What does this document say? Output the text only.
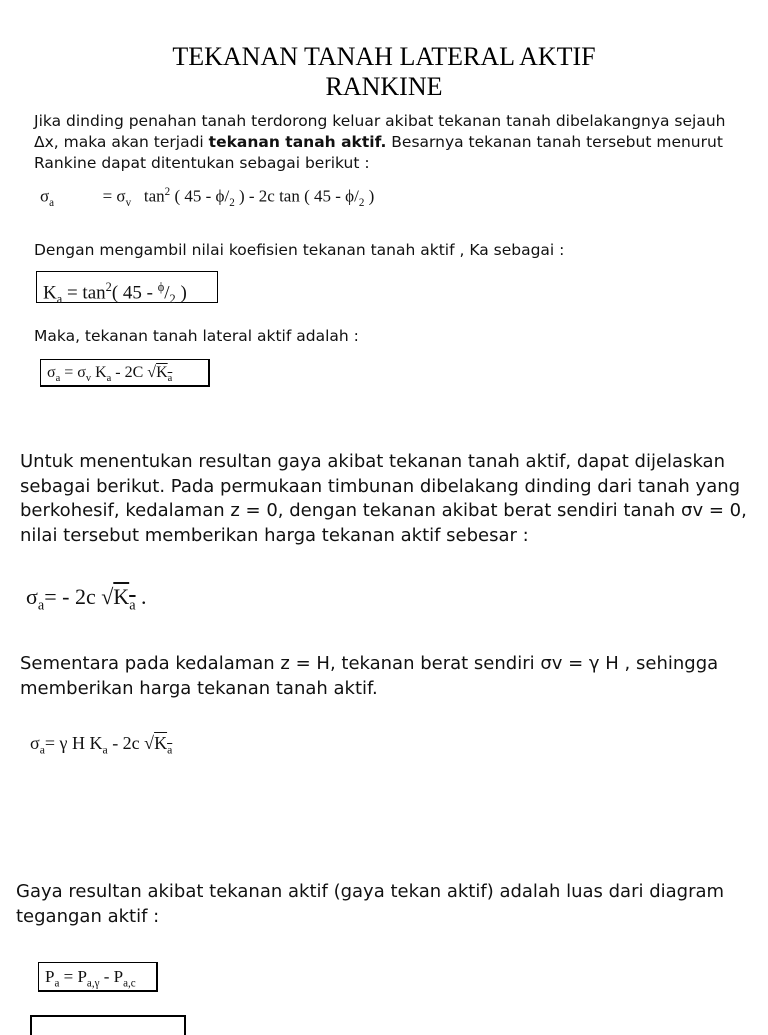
TEKANAN TANAH LATERAL AKTIF
RANKINE
Jika dinding penahan tanah terdorong keluar akibat tekanan tanah dibelakangnya sejauh
Δx, maka akan terjadi tekanan tanah aktif. Besarnya tekanan tanah tersebut menurut
Rankine dapat ditentukan sebagai berikut :
$\sigma_a$	= $\sigma_v$ $\tan^2$ ( $45 - \phi/_2$ ) - 2c tan ( $45 - \phi/_2$ )
Dengan mengambil nilai koefisien tekanan tanah aktif , Ka sebagai :
$K_a = \tan^2$( $45 - ^\phi/_2$ )
Maka, tekanan tanah lateral aktif adalah :
$\sigma_a = \sigma_v$ $K_a - 2C$ $√K_a$
Untuk menentukan resultan gaya akibat tekanan tanah aktif, dapat dijelaskan
sebagai berikut. Pada permukaan timbunan dibelakang dinding dari tanah yang
berkohesif, kedalaman z = 0, dengan tekanan akibat berat sendiri tanah σv = 0,
nilai tersebut memberikan harga tekanan aktif sebesar :
$\sigma_a= - 2c$ $√K_a$ .
Sementara pada kedalaman z = H, tekanan berat sendiri σv = γ H , sehingga
memberikan harga tekanan tanah aktif.
$\sigma_a= \gamma$ H $K_a - 2c$ $√K_a$
Gaya resultan akibat tekanan aktif (gaya tekan aktif) adalah luas dari diagram
tegangan aktif :
$P_a = P_{a,\gamma} - P_{a,c}$
